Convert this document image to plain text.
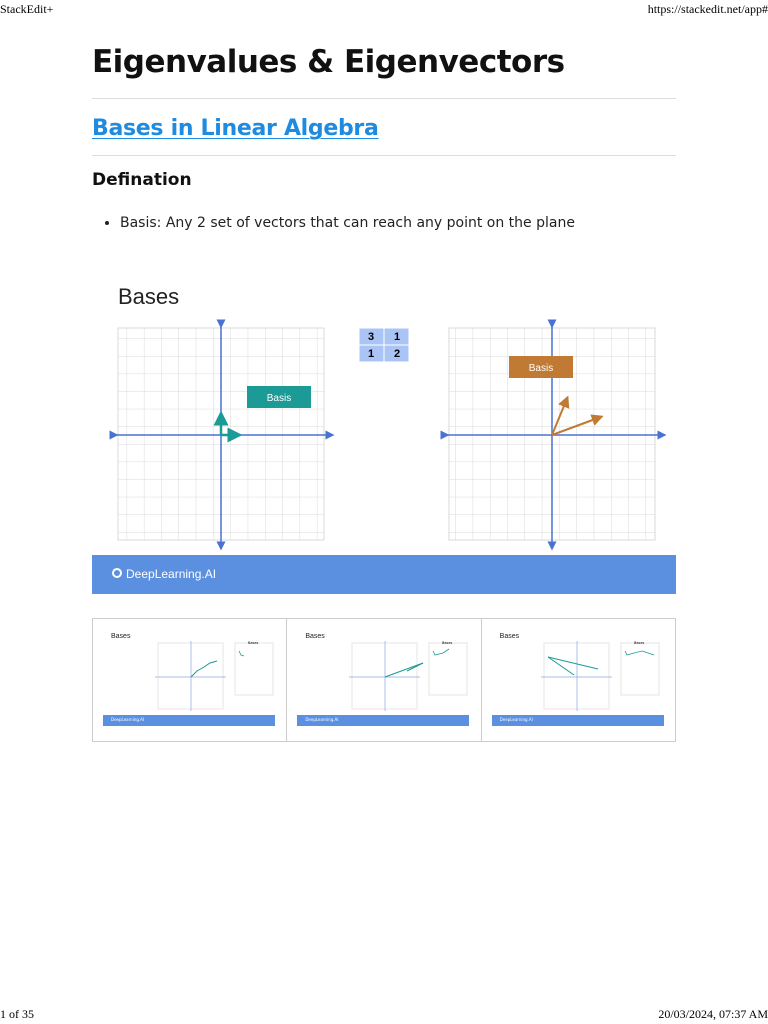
StackEdit+	https://stackedit.net/app#
Eigenvalues & Eigenvectors
Bases in Linear Algebra
Defination
• Basis: Any 2 set of vectors that can reach any point on the plane
Bases
Basis
3 1
1 2
Basis
DeepLearning.AI
Bases
Bases
DeepLearning.AI
Bases
Bases
DeepLearning.AI
Bases
Bases
DeepLearning.AI
1 of 35	20/03/2024, 07:37 AM
